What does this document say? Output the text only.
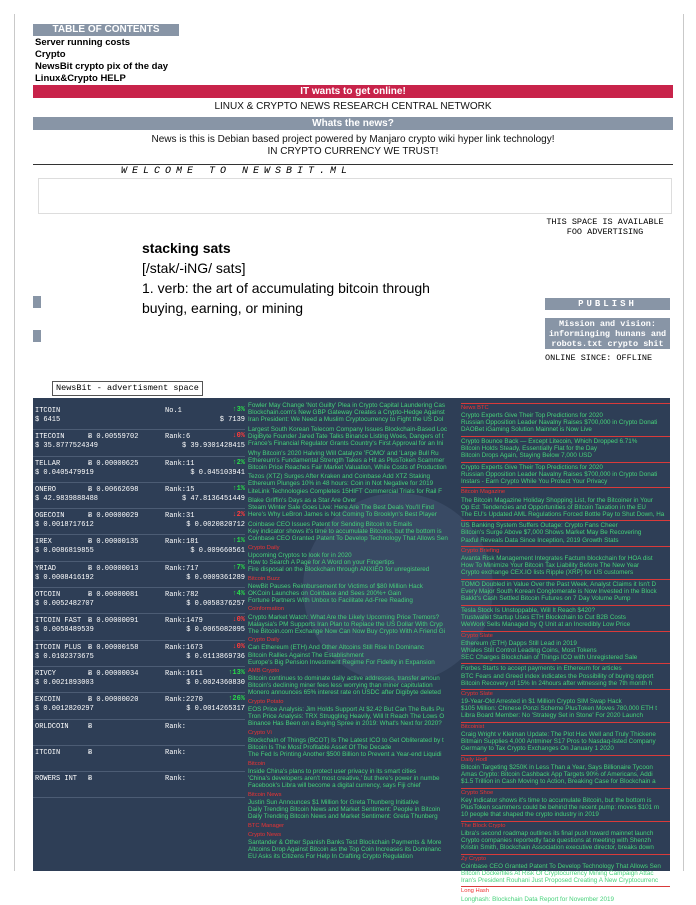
TABLE OF CONTENTS
Server running costs
Crypto
NewsBit crypto pix of the day
Linux&Crypto HELP
IT wants to get online!
LINUX & CRYPTO NEWS RESEARCH CENTRAL NETWORK
Whats the news?
News is this is Debian based project powered by Manjaro crypto wiki hyper link technology!
IN CRYPTO CURRENCY WE TRUST!
WELCOME TO NEWSBIT.ML
THIS SPACE IS AVAILABLE
FOO ADVERTISING
stacking sats
[/stak/-iNG/ sats]
1. verb: the art of accumulating bitcoin through
buying, earning, or mining	PUBLISH
Mission and vision: informinging hunans and robots.txt crypto shit
ONLINE SINCE: OFFLINE
NewsBit - advertisment space
ITCOIN	No.1	↑3%
$ 6415	$ 7139
ITECOIN	Ƀ 0.00559702	Rank:6	↓0%
$ 35.8777524349	$ 39.9301428415
TELLAR	Ƀ 0.00000625	Rank:11	↑2%
$ 0.0405479919	$ 0.045103941
ONERO	Ƀ 0.00662698	Rank:15	↑1%
$ 42.9839888488	$ 47.8136451449
OGECOIN	Ƀ 0.00000029	Rank:31	↓2%
$ 0.0018717612	$ 0.0020820712
IREX	Ƀ 0.00000135	Rank:181	↑1%
$ 0.0086819855	$ 0.009660561
YRIAD	Ƀ 0.00000013	Rank:717	↑7%
$ 0.0008416192	$ 0.0009361289
OTCOIN	Ƀ 0.00000081	Rank:782	↑4%
$ 0.0052482707	$ 0.0058376257
ITCOIN FAST Ƀ 0.00000091	Rank:1479	↓0%
$ 0.0058489539	$ 0.0065082095
ITCOIN PLUS Ƀ 0.00000158	Rank:1673	↓0%
$ 0.0102373675	$ 0.0113869736
RIVCY	Ƀ 0.00000034	Rank:1611	↑13%
$ 0.0021893003	$ 0.0024360830
EXCOIN	Ƀ 0.00000020	Rank:2270	↑26%
$ 0.0012820297	$ 0.0014265317
ORLDCOIN	Ƀ	Rank:
ITCOIN	Ƀ	Rank:
ROWERS INT Ƀ	Rank:
Fowler May Change 'Not Guilty' Plea in Crypto Capital Laundering Cas
Blockchain.com's New GBP Gateway Creates a Crypto-Hedge Against
Iran President: We Need a Muslim Cryptocurrency to Fight the US Dol
Largest South Korean Telecom Company Issues Blockchain-Based Loc
DigiByte Founder Jared Tate Talks Binance Listing Woes, Dangers of t
France's Financial Regulator Grants Country's First Approval for an Ini
Why Bitcoin's 2020 Halving Will Catalyze 'FOMO' and 'Large Bull Ru
Ethereum's Fundamental Strength Takes a Hit as PlusToken Scammer
Bitcoin Price Reaches Fair Market Valuation, While Costs of Production
Tezos (XTZ) Surges After Kraken and Coinbase Add XTZ Staking
Ethereum Plunges 10% in 48 hours: Coin in Not Negative for 2019
LiteLink Technologies Completes 15HIFT Commercial Trials for Rail F
Blake Griffin's Days as a Star Are Over
Steam Winter Sale Goes Live: Here Are The Best Deals You'll Find
Here's Why LeBron James is Not Coming To Brooklyn's Best Player
Coinbase CEO Issues Patent for Sending Bitcoin to Emails
Key indicator shows it's time to accumulate Bitcoins, but the bottom is
Coinbase CEO Granted Patent To Develop Technology That Allows Sen
Crypto Daily
Upcoming Cryptos to look for in 2020
How to Search A Page for A Word on your Fingertips
Fire disposal on the Blockchain through ANXIEO for unregistered
Bitcoin Buzz
NewBit Pauses Reimbursement for Victims of $80 Million Hack
OKCoin Launches on Coinbase and Sees 200%+ Gain
Fortune Partners With Unbox to Facilitate Ad-Free Reading
Coinformation
Crypto Market Watch: What Are the Likely Upcoming Price Tremors?
Malaysia's PM Supports Iran Plan to Replace the US Dollar With Cryp
The Bitcoin.com Exchange Now Can Now Buy Crypto With A Friend Gi
Crypto Daily
Can Ethereum (ETH) And Other Altcoins Still Rise In Dominanc
Bitcoin Rallies Against The Establishment
Europe's Big Pension Investment Regime For Fidelity in Expansion
AMB Crypto
Bitcoin continues to dominate daily active addresses, transfer amoun
Bitcoin's declining miner fees less worrying than miner capitulation
Monero announces 65% interest rate on USDC after Digibyte deleted
Crypto Potato
EOS Price Analysis: Jim Holds Support At $2.42 But Can The Bulls Pu
Tron Price Analysis: TRX Struggling Heavily, Will It Reach The Lows O
Binance Has Been on a Buying Spree in 2019: What's Next for 2020?
Crypto Vi
Blockchain of Things (BCOT) Is The Latest ICO to Get Obliterated by t
Bitcoin Is The Most Profitable Asset Of The Decade
The Fed Is Printing Another $500 Billion to Prevent a Year-end Liquidi
Bitcoin
Inside China's plans to protect user privacy in its smart cities
'China's developers aren't most creative,' but there's power in numbe
Facebook's Libra will become a digital currency, says Fiji chief
Bitcoin News
Justin Sun Announces $1 Million for Greta Thunberg Initiative
Daily Trending Bitcoin News and Market Sentiment: People in Bitcoin
Daily Trending Bitcoin News and Market Sentiment: Greta Thunberg
BTC Manager
Crypto News
Santander & Other Spanish Banks Test Blockchain Payments & More
Altcoins Drop Against Bitcoin as the Top Coin Increases its Dominanc
EU Asks its Citizens For Help In Crafting Crypto Regulation
News BTC
Crypto Experts Give Their Top Predictions for 2020
Russian Opposition Leader Navalny Raises $700,000 in Crypto Donati
DAOBet iGaming Solution Mainnet is Now Live
Crypto Bounce Back — Except Litecoin, Which Dropped 6.71%
Bitcoin Holds Steady, Essentially Flat for the Day
Bitcoin Drops Again, Staying Below 7,000 USD
Crypto Experts Give Their Top Predictions for 2020
Russian Opposition Leader Navalny Raises $700,000 in Crypto Donati
Instars - Earn Crypto While You Protect Your Privacy
Bitcoin Magazine
The Bitcoin Magazine Holiday Shopping List, for the Bitcoiner in Your
Op Ed: Tendencies and Opportunities of Bitcoin Taxation in the EU
The EU's Updated AML Regulations Forced Bottle Pay to Shut Down, Ha
US Banking System Suffers Outage: Crypto Fans Cheer
Bitcoin's Surge Above $7,000 Shows Market May Be Recovering
Paxful Reveals Data Since Inception, 2019 Growth Stats
Crypto Briefing
Avanta Risk Management Integrates Factum blockchain for HOA dist
How To Minimize Your Bitcoin Tax Liability Before The New Year
Crypto exchange CEX.IO lists Ripple (XRP) for US customers
TOMO Doubled in Value Over the Past Week, Analyst Claims it Isn't D
Every Major South Korean Conglomerate is Now Invested in the Block
Bakkt's Cash Settled Bitcoin Futures on 7 Day Volume Pump
Tesla Stock Is Unstoppable, Will It Reach $420?
Trustwallet Startup Uses ETH Blockchain to Cut B2B Costs
WeWork Sells Managed by Q Unit at an Incredibly Low Price
Crypto Slate
Ethereum (ETH) Dapps Still Lead in 2019
Whales Still Control Leading Coins, Most Tokens
SEC Charges Blockchain of Things ICO with Unregistered Sale
Forbes Starts to accept payments in Ethereum for articles
BTC Fears and Greed index indicates the Possibility of buying opport
Bitcoin Recovery of 15% In 24hours after witnessing the 7th month h
Crypto Slate
19-Year-Old Arrested in $1 Million Crypto SIM Swap Hack
$105 Million: Chinese Ponzi Scheme PlusToken Moves 780,000 ETH t
Libra Board Member: No 'Strategy Set in Stone' For 2020 Launch
Bitcoinist
Craig Wright v Kleiman Update: The Plot Has Well and Truly Thickene
Bitmain Supplies 4,000 Antminer S17 Pros to Nasdaq-listed Company
Germany to Tax Crypto Exchanges On January 1 2020
Daily Hodl
Bitcoin Targeting $250K in Less Than a Year, Says Billionaire Tycoon
Amas Crypto: Bitcoin Cashback App Targets 90% of Americans, Addi
$1.5 Trillion in Cash Moving to Action, Breaking Case for Blockchain a
Crypto Shoe
Key indicator shows it's time to accumulate Bitcoin, but the bottom is
PlusToken scammers could be behind the recent pump: moves $101 m
10 people that shaped the crypto industry in 2019
The Block Crypto
Libra's second roadmap outlines its final push toward mainnet launch
Crypto companies reportedly face questions at meeting with Shenzh
Kristin Smith, Blockchain Association executive director, breaks down
Zy Crypto
Coinbase CEO Granted Patent To Develop Technology That Allows Sen
Bitcoin Dockerfiles At Risk Of Cryptocurrency Mining Campaign Attac
Iran's President Rouhani Just Proposed Creating A New Cryptocurrenc
Long Hash
Longhash: Blockchain Data Report for November 2019
